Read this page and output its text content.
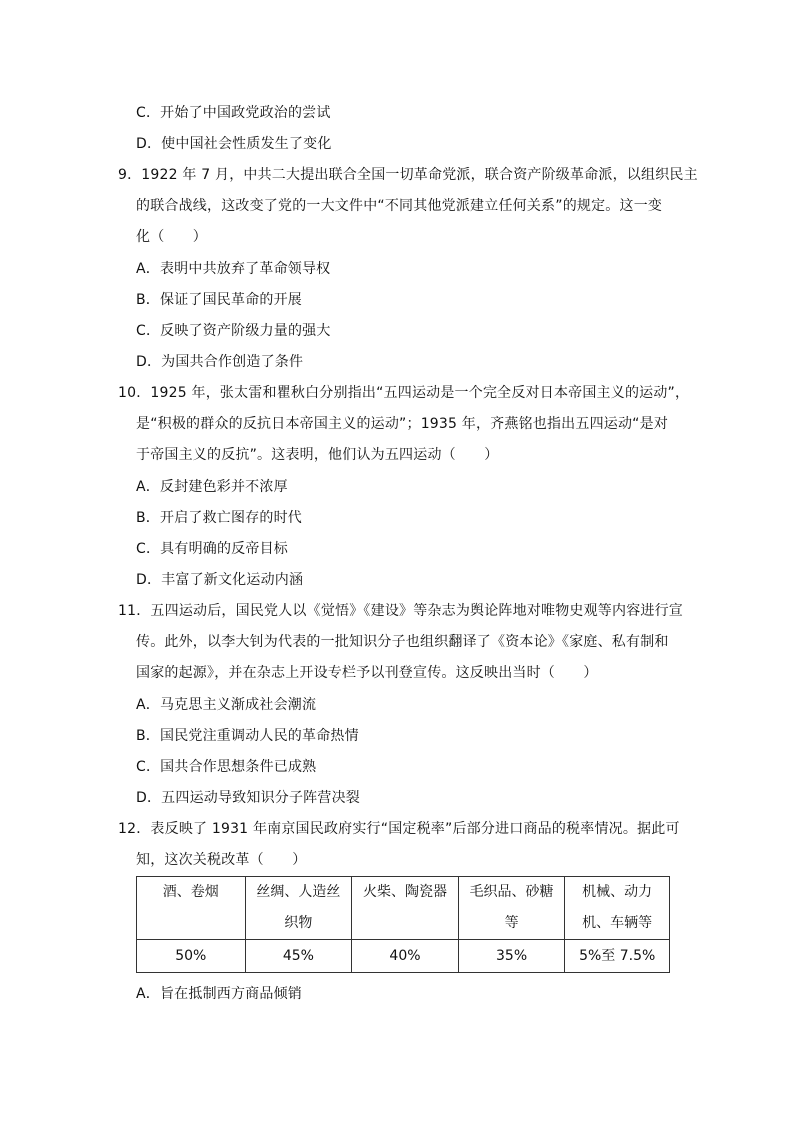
C．开始了中国政党政治的尝试
D．使中国社会性质发生了变化
9．1922 年 7 月，中共二大提出联合全国一切革命党派，联合资产阶级革命派，以组织民主
的联合战线，这改变了党的一大文件中“不同其他党派建立任何关系”的规定。这一变
化（　　）
A．表明中共放弃了革命领导权
B．保证了国民革命的开展
C．反映了资产阶级力量的强大
D．为国共合作创造了条件
10．1925 年，张太雷和瞿秋白分别指出“五四运动是一个完全反对日本帝国主义的运动”，
是“积极的群众的反抗日本帝国主义的运动”；1935 年，齐燕铭也指出五四运动“是对
于帝国主义的反抗”。这表明，他们认为五四运动（　　）
A．反封建色彩并不浓厚
B．开启了救亡图存的时代
C．具有明确的反帝目标
D．丰富了新文化运动内涵
11．五四运动后，国民党人以《觉悟》《建设》等杂志为舆论阵地对唯物史观等内容进行宣
传。此外，以李大钊为代表的一批知识分子也组织翻译了《资本论》《家庭、私有制和
国家的起源》，并在杂志上开设专栏予以刊登宣传。这反映出当时（　　）
A．马克思主义渐成社会潮流
B．国民党注重调动人民的革命热情
C．国共合作思想条件已成熟
D．五四运动导致知识分子阵营决裂
12．表反映了 1931 年南京国民政府实行“国定税率”后部分进口商品的税率情况。据此可
知，这次关税改革（　　）
酒、卷烟	丝绸、人造丝织物	火柴、陶瓷器	毛织品、砂糖等	机械、动力机、车辆等
50%	45%	40%	35%	5%至 7.5%
A．旨在抵制西方商品倾销
